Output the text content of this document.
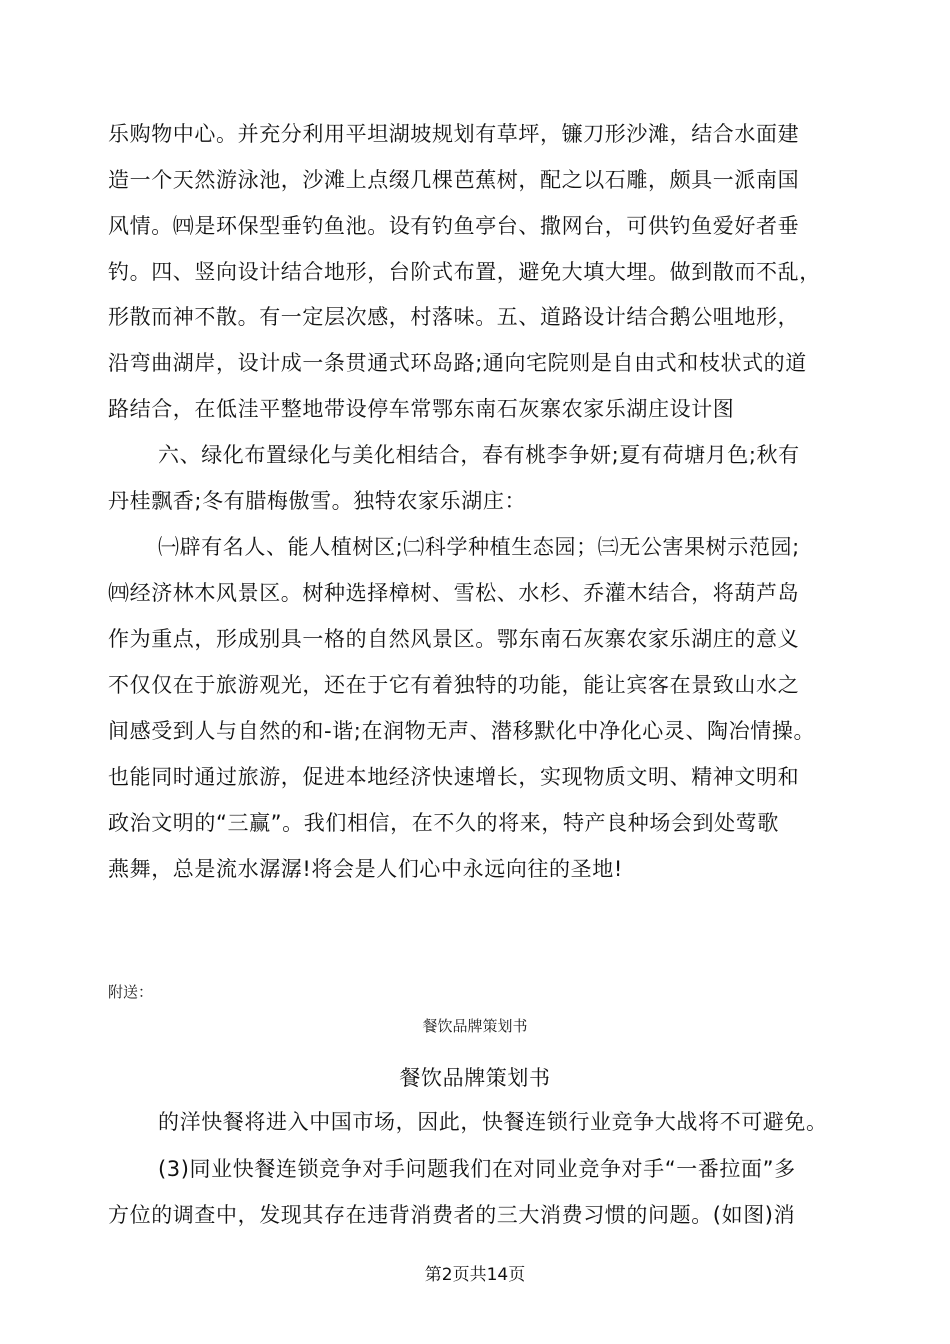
乐购物中心。并充分利用平坦湖坡规划有草坪，镰刀形沙滩，结合水面建
造一个天然游泳池，沙滩上点缀几棵芭蕉树，配之以石雕，颇具一派南国
风情。㈣是环保型垂钓鱼池。设有钓鱼亭台、撒网台，可供钓鱼爱好者垂
钓。四、竖向设计结合地形，台阶式布置，避免大填大埋。做到散而不乱，
形散而神不散。有一定层次感，村落味。五、道路设计结合鹅公咀地形，
沿弯曲湖岸，设计成一条贯通式环岛路;通向宅院则是自由式和枝状式的道
路结合，在低洼平整地带设停车常鄂东南石灰寨农家乐湖庄设计图
六、绿化布置绿化与美化相结合，春有桃李争妍;夏有荷塘月色;秋有
丹桂飘香;冬有腊梅傲雪。独特农家乐湖庄：
㈠辟有名人、能人植树区;㈡科学种植生态园；㈢无公害果树示范园;
㈣经济林木风景区。树种选择樟树、雪松、水杉、乔灌木结合，将葫芦岛
作为重点，形成别具一格的自然风景区。鄂东南石灰寨农家乐湖庄的意义
不仅仅在于旅游观光，还在于它有着独特的功能，能让宾客在景致山水之
间感受到人与自然的和-谐;在润物无声、潜移默化中净化心灵、陶冶情操。
也能同时通过旅游，促进本地经济快速增长，实现物质文明、精神文明和
政治文明的“三赢”。我们相信，在不久的将来，特产良种场会到处莺歌
燕舞，总是流水潺潺!将会是人们心中永远向往的圣地!
附送：
餐饮品牌策划书
餐饮品牌策划书
的洋快餐将进入中国市场，因此，快餐连锁行业竞争大战将不可避免。
(3)同业快餐连锁竞争对手问题我们在对同业竞争对手“一番拉面”多
方位的调查中，发现其存在违背消费者的三大消费习惯的问题。(如图)消
第2页共14页
